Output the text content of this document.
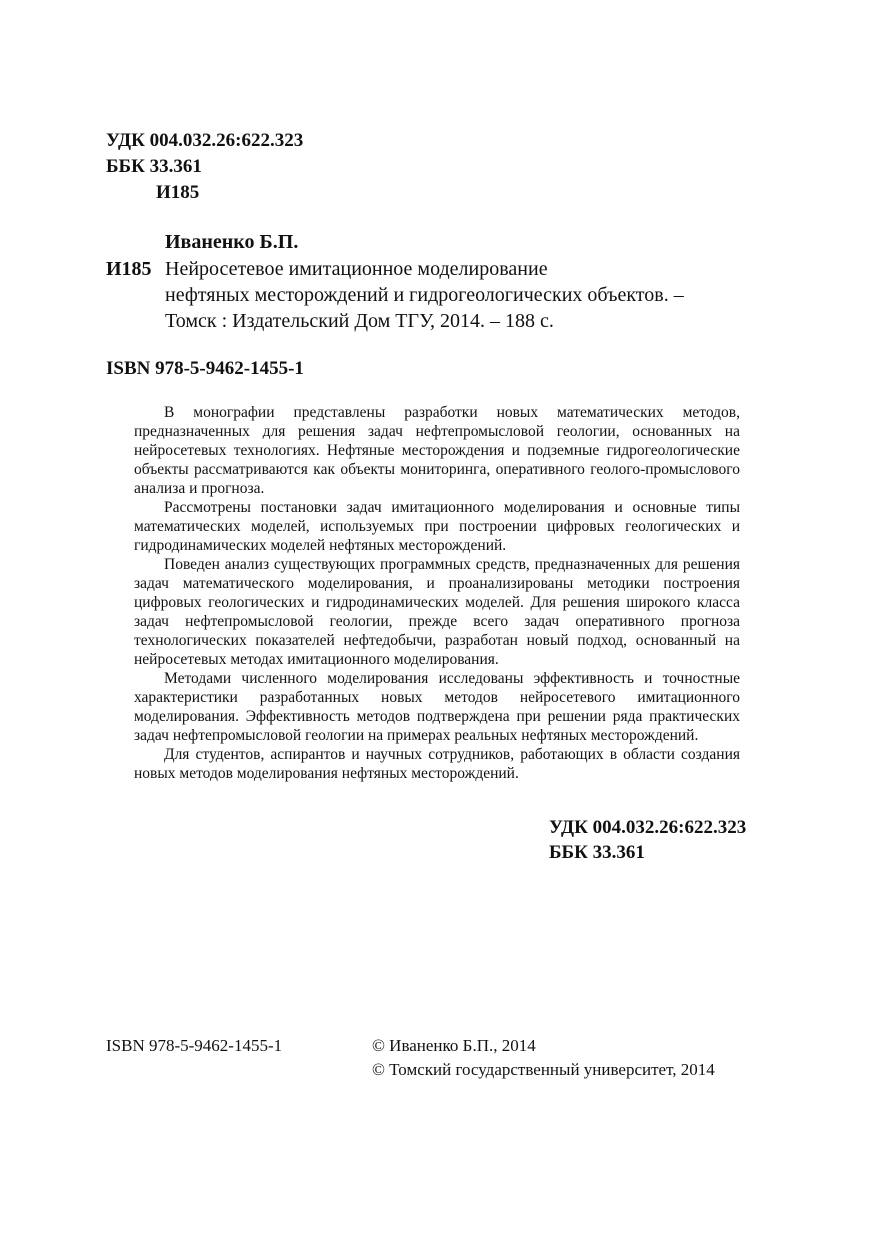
УДК 004.032.26:622.323
ББК 33.361
И185
Иваненко Б.П.
И185 Нейросетевое имитационное моделирование
нефтяных месторождений и гидрогеологических объектов. –
Томск : Издательский Дом ТГУ, 2014. – 188 с.
ISBN 978-5-9462-1455-1

В монографии представлены разработки новых математических методов, предназначенных для решения задач нефтепромысловой геологии, основанных на нейросетевых технологиях. Нефтяные месторождения и подземные гидрогеологические объекты рассматриваются как объекты мониторинга, оперативного геолого-промыслового анализа и прогноза.

Рассмотрены постановки задач имитационного моделирования и основные типы математических моделей, используемых при построении цифровых геологических и гидродинамических моделей нефтяных месторождений.

Поведен анализ существующих программных средств, предназначенных для решения задач математического моделирования, и проанализированы методики построения цифровых геологических и гидродинамических моделей. Для решения широкого класса задач нефтепромысловой геологии, прежде всего задач оперативного прогноза технологических показателей нефтедобычи, разработан новый подход, основанный на нейросетевых методах имитационного моделирования.

Методами численного моделирования исследованы эффективность и точностные характеристики разработанных новых методов нейросетевого имитационного моделирования. Эффективность методов подтверждена при решении ряда практических задач нефтепромысловой геологии на примерах реальных нефтяных месторождений.

Для студентов, аспирантов и научных сотрудников, работающих в области создания новых методов моделирования нефтяных месторождений.

УДК 004.032.26:622.323
ББК 33.361
ISBN 978-5-9462-1455-1	© Иваненко Б.П., 2014
© Томский государственный университет, 2014
